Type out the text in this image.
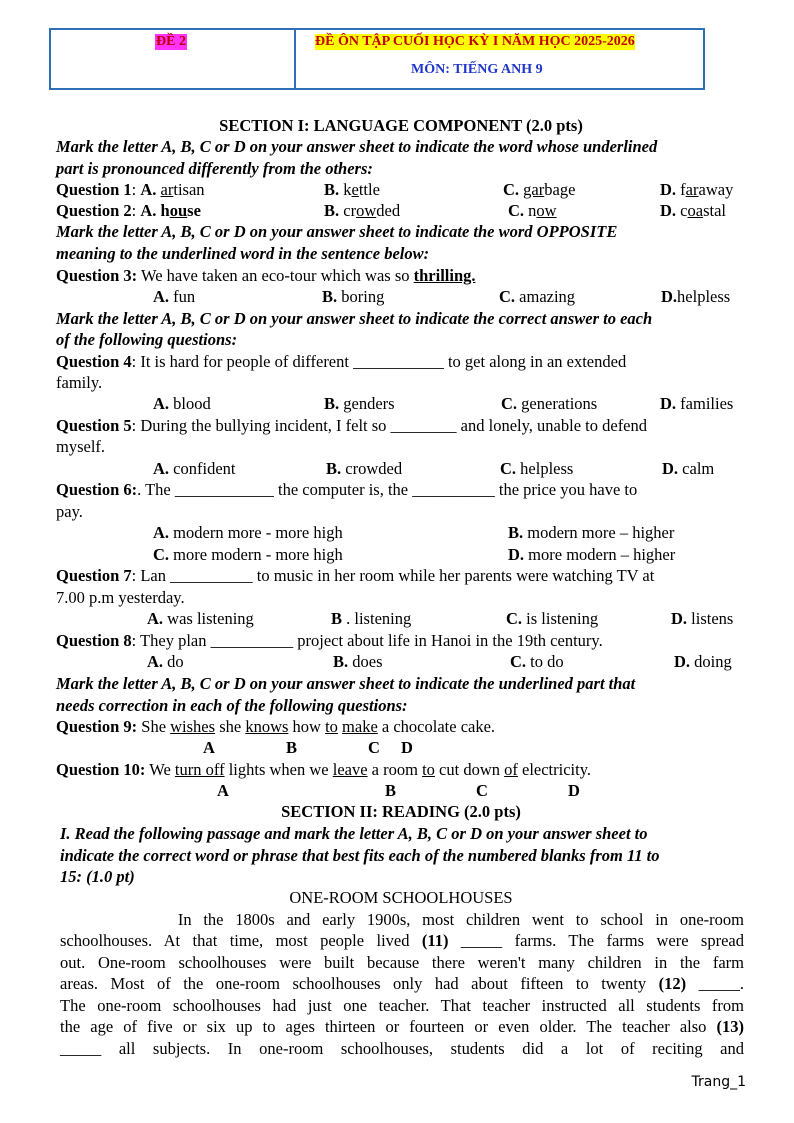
ĐỀ 2	ĐỀ ÔN TẬP CUỐI HỌC KỲ I NĂM HỌC 2025-2026
MÔN: TIẾNG ANH 9
SECTION I: LANGUAGE COMPONENT (2.0 pts)
Mark the letter A, B, C or D on your answer sheet to indicate the word whose underlined
part is pronounced differently from the others:
Question 1: A. artisan	B. kettle	C. garbage	D. faraway
Question 2: A. house	B. crowded	C. now	D. coastal
Mark the letter A, B, C or D on your answer sheet to indicate the word OPPOSITE
meaning to the underlined word in the sentence below:
Question 3: We have taken an eco-tour which was so thrilling.
A. fun	B. boring	C. amazing	D.helpless
Mark the letter A, B, C or D on your answer sheet to indicate the correct answer to each
of the following questions:
Question 4: It is hard for people of different ___________ to get along in an extended
family.
A. blood	B. genders	C. generations	D. families
Question 5: During the bullying incident, I felt so ________ and lonely, unable to defend
myself.
A. confident	B. crowded	C. helpless	D. calm
Question 6:. The ____________ the computer is, the __________ the price you have to
pay.
A. modern more - more high	B. modern more – higher
C. more modern - more high	D. more modern – higher
Question 7: Lan __________ to music in her room while her parents were watching TV at
7.00 p.m yesterday.
A. was listening	B . listening	C. is listening	D. listens
Question 8: They plan __________ project about life in Hanoi in the 19th century.
A. do	B. does	C. to do	D. doing
Mark the letter A, B, C or D on your answer sheet to indicate the underlined part that
needs correction in each of the following questions:
Question 9: She wishes she knows how to make a chocolate cake.
A	B	C D
Question 10: We turn off lights when we leave a room to cut down of electricity.
A	B	C	D
SECTION II: READING (2.0 pts)
I. Read the following passage and mark the letter A, B, C or D on your answer sheet to
indicate the correct word or phrase that best fits each of the numbered blanks from 11 to
15: (1.0 pt)
ONE-ROOM SCHOOLHOUSES
In the 1800s and early 1900s, most children went to school in one-room
schoolhouses. At that time, most people lived (11) _____ farms. The farms were spread
out. One-room schoolhouses were built because there weren't many children in the farm
areas. Most of the one-room schoolhouses only had about fifteen to twenty (12) _____.
The one-room schoolhouses had just one teacher. That teacher instructed all students from
the age of five or six up to ages thirteen or fourteen or even older. The teacher also (13)
_____ all subjects. In one-room schoolhouses, students did a lot of reciting and
Trang_1
